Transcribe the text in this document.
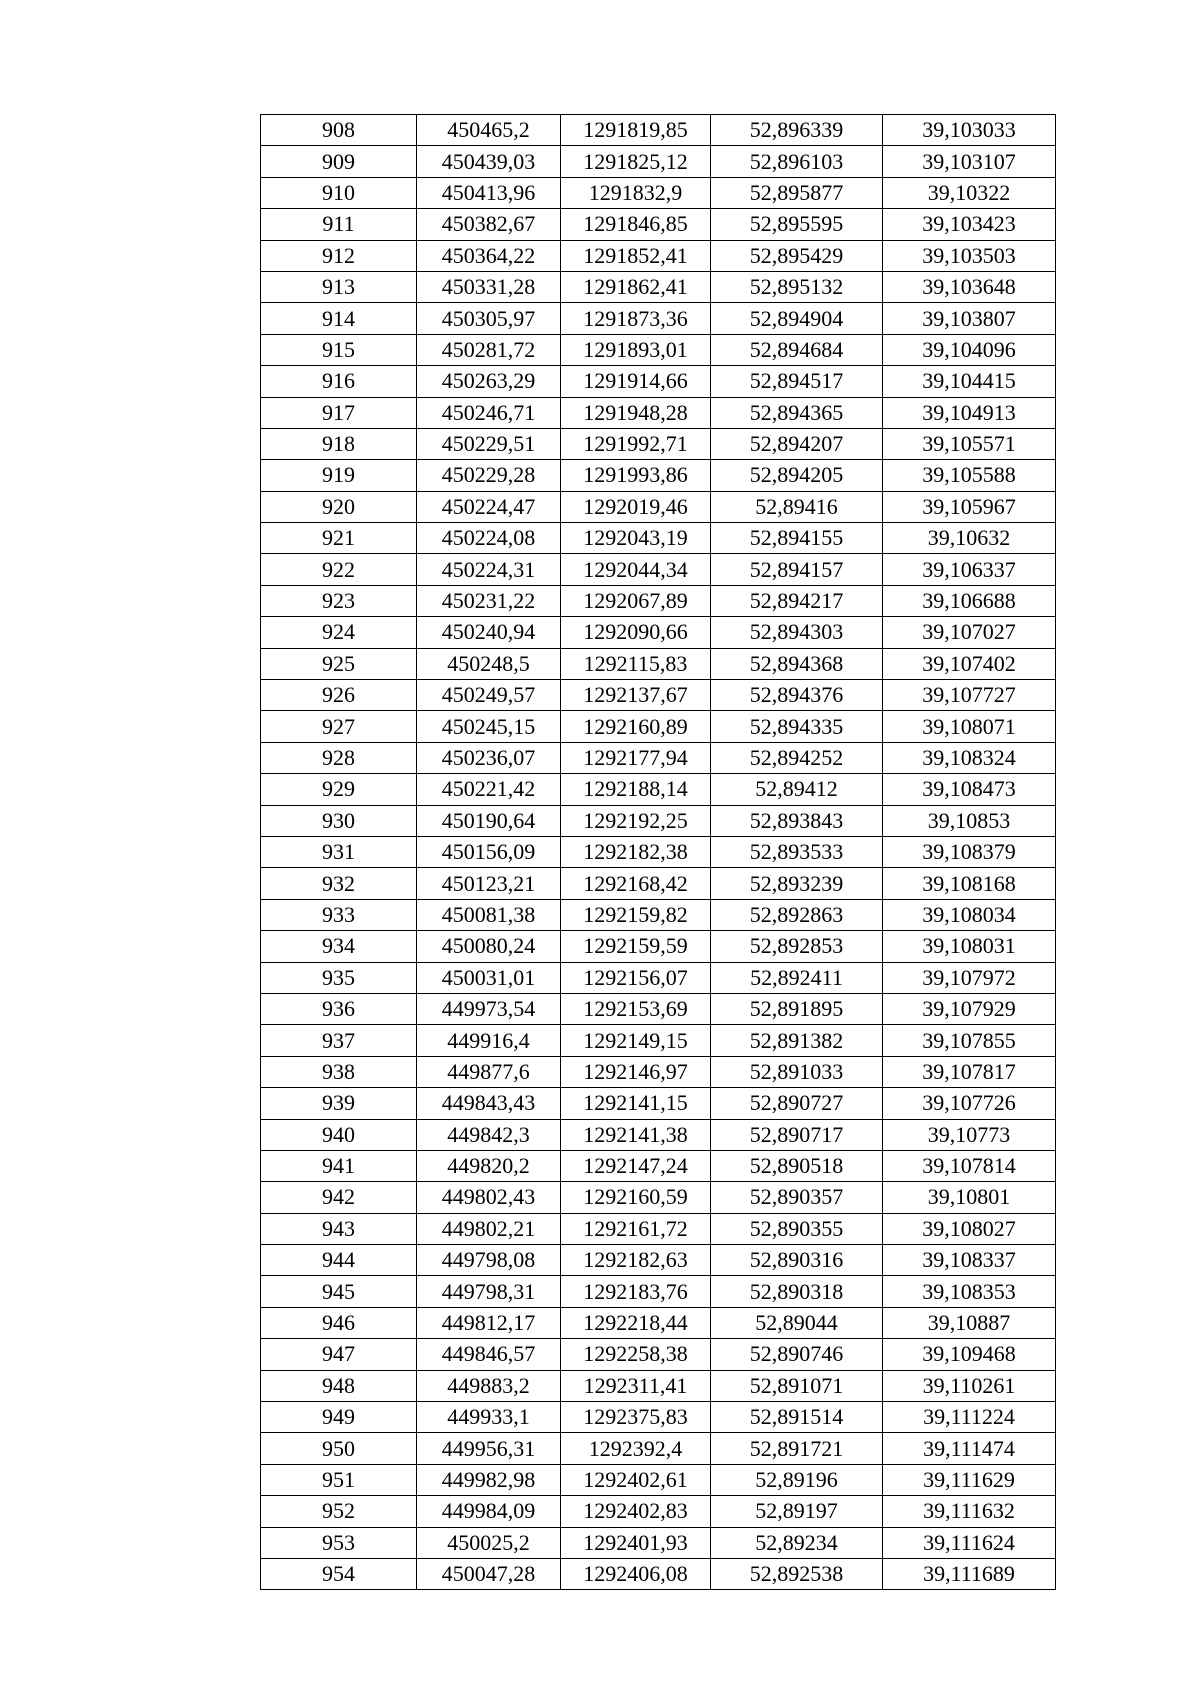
908	450465,2	1291819,85	52,896339	39,103033
909	450439,03	1291825,12	52,896103	39,103107
910	450413,96	1291832,9	52,895877	39,10322
911	450382,67	1291846,85	52,895595	39,103423
912	450364,22	1291852,41	52,895429	39,103503
913	450331,28	1291862,41	52,895132	39,103648
914	450305,97	1291873,36	52,894904	39,103807
915	450281,72	1291893,01	52,894684	39,104096
916	450263,29	1291914,66	52,894517	39,104415
917	450246,71	1291948,28	52,894365	39,104913
918	450229,51	1291992,71	52,894207	39,105571
919	450229,28	1291993,86	52,894205	39,105588
920	450224,47	1292019,46	52,89416	39,105967
921	450224,08	1292043,19	52,894155	39,10632
922	450224,31	1292044,34	52,894157	39,106337
923	450231,22	1292067,89	52,894217	39,106688
924	450240,94	1292090,66	52,894303	39,107027
925	450248,5	1292115,83	52,894368	39,107402
926	450249,57	1292137,67	52,894376	39,107727
927	450245,15	1292160,89	52,894335	39,108071
928	450236,07	1292177,94	52,894252	39,108324
929	450221,42	1292188,14	52,89412	39,108473
930	450190,64	1292192,25	52,893843	39,10853
931	450156,09	1292182,38	52,893533	39,108379
932	450123,21	1292168,42	52,893239	39,108168
933	450081,38	1292159,82	52,892863	39,108034
934	450080,24	1292159,59	52,892853	39,108031
935	450031,01	1292156,07	52,892411	39,107972
936	449973,54	1292153,69	52,891895	39,107929
937	449916,4	1292149,15	52,891382	39,107855
938	449877,6	1292146,97	52,891033	39,107817
939	449843,43	1292141,15	52,890727	39,107726
940	449842,3	1292141,38	52,890717	39,10773
941	449820,2	1292147,24	52,890518	39,107814
942	449802,43	1292160,59	52,890357	39,10801
943	449802,21	1292161,72	52,890355	39,108027
944	449798,08	1292182,63	52,890316	39,108337
945	449798,31	1292183,76	52,890318	39,108353
946	449812,17	1292218,44	52,89044	39,10887
947	449846,57	1292258,38	52,890746	39,109468
948	449883,2	1292311,41	52,891071	39,110261
949	449933,1	1292375,83	52,891514	39,111224
950	449956,31	1292392,4	52,891721	39,111474
951	449982,98	1292402,61	52,89196	39,111629
952	449984,09	1292402,83	52,89197	39,111632
953	450025,2	1292401,93	52,89234	39,111624
954	450047,28	1292406,08	52,892538	39,111689
